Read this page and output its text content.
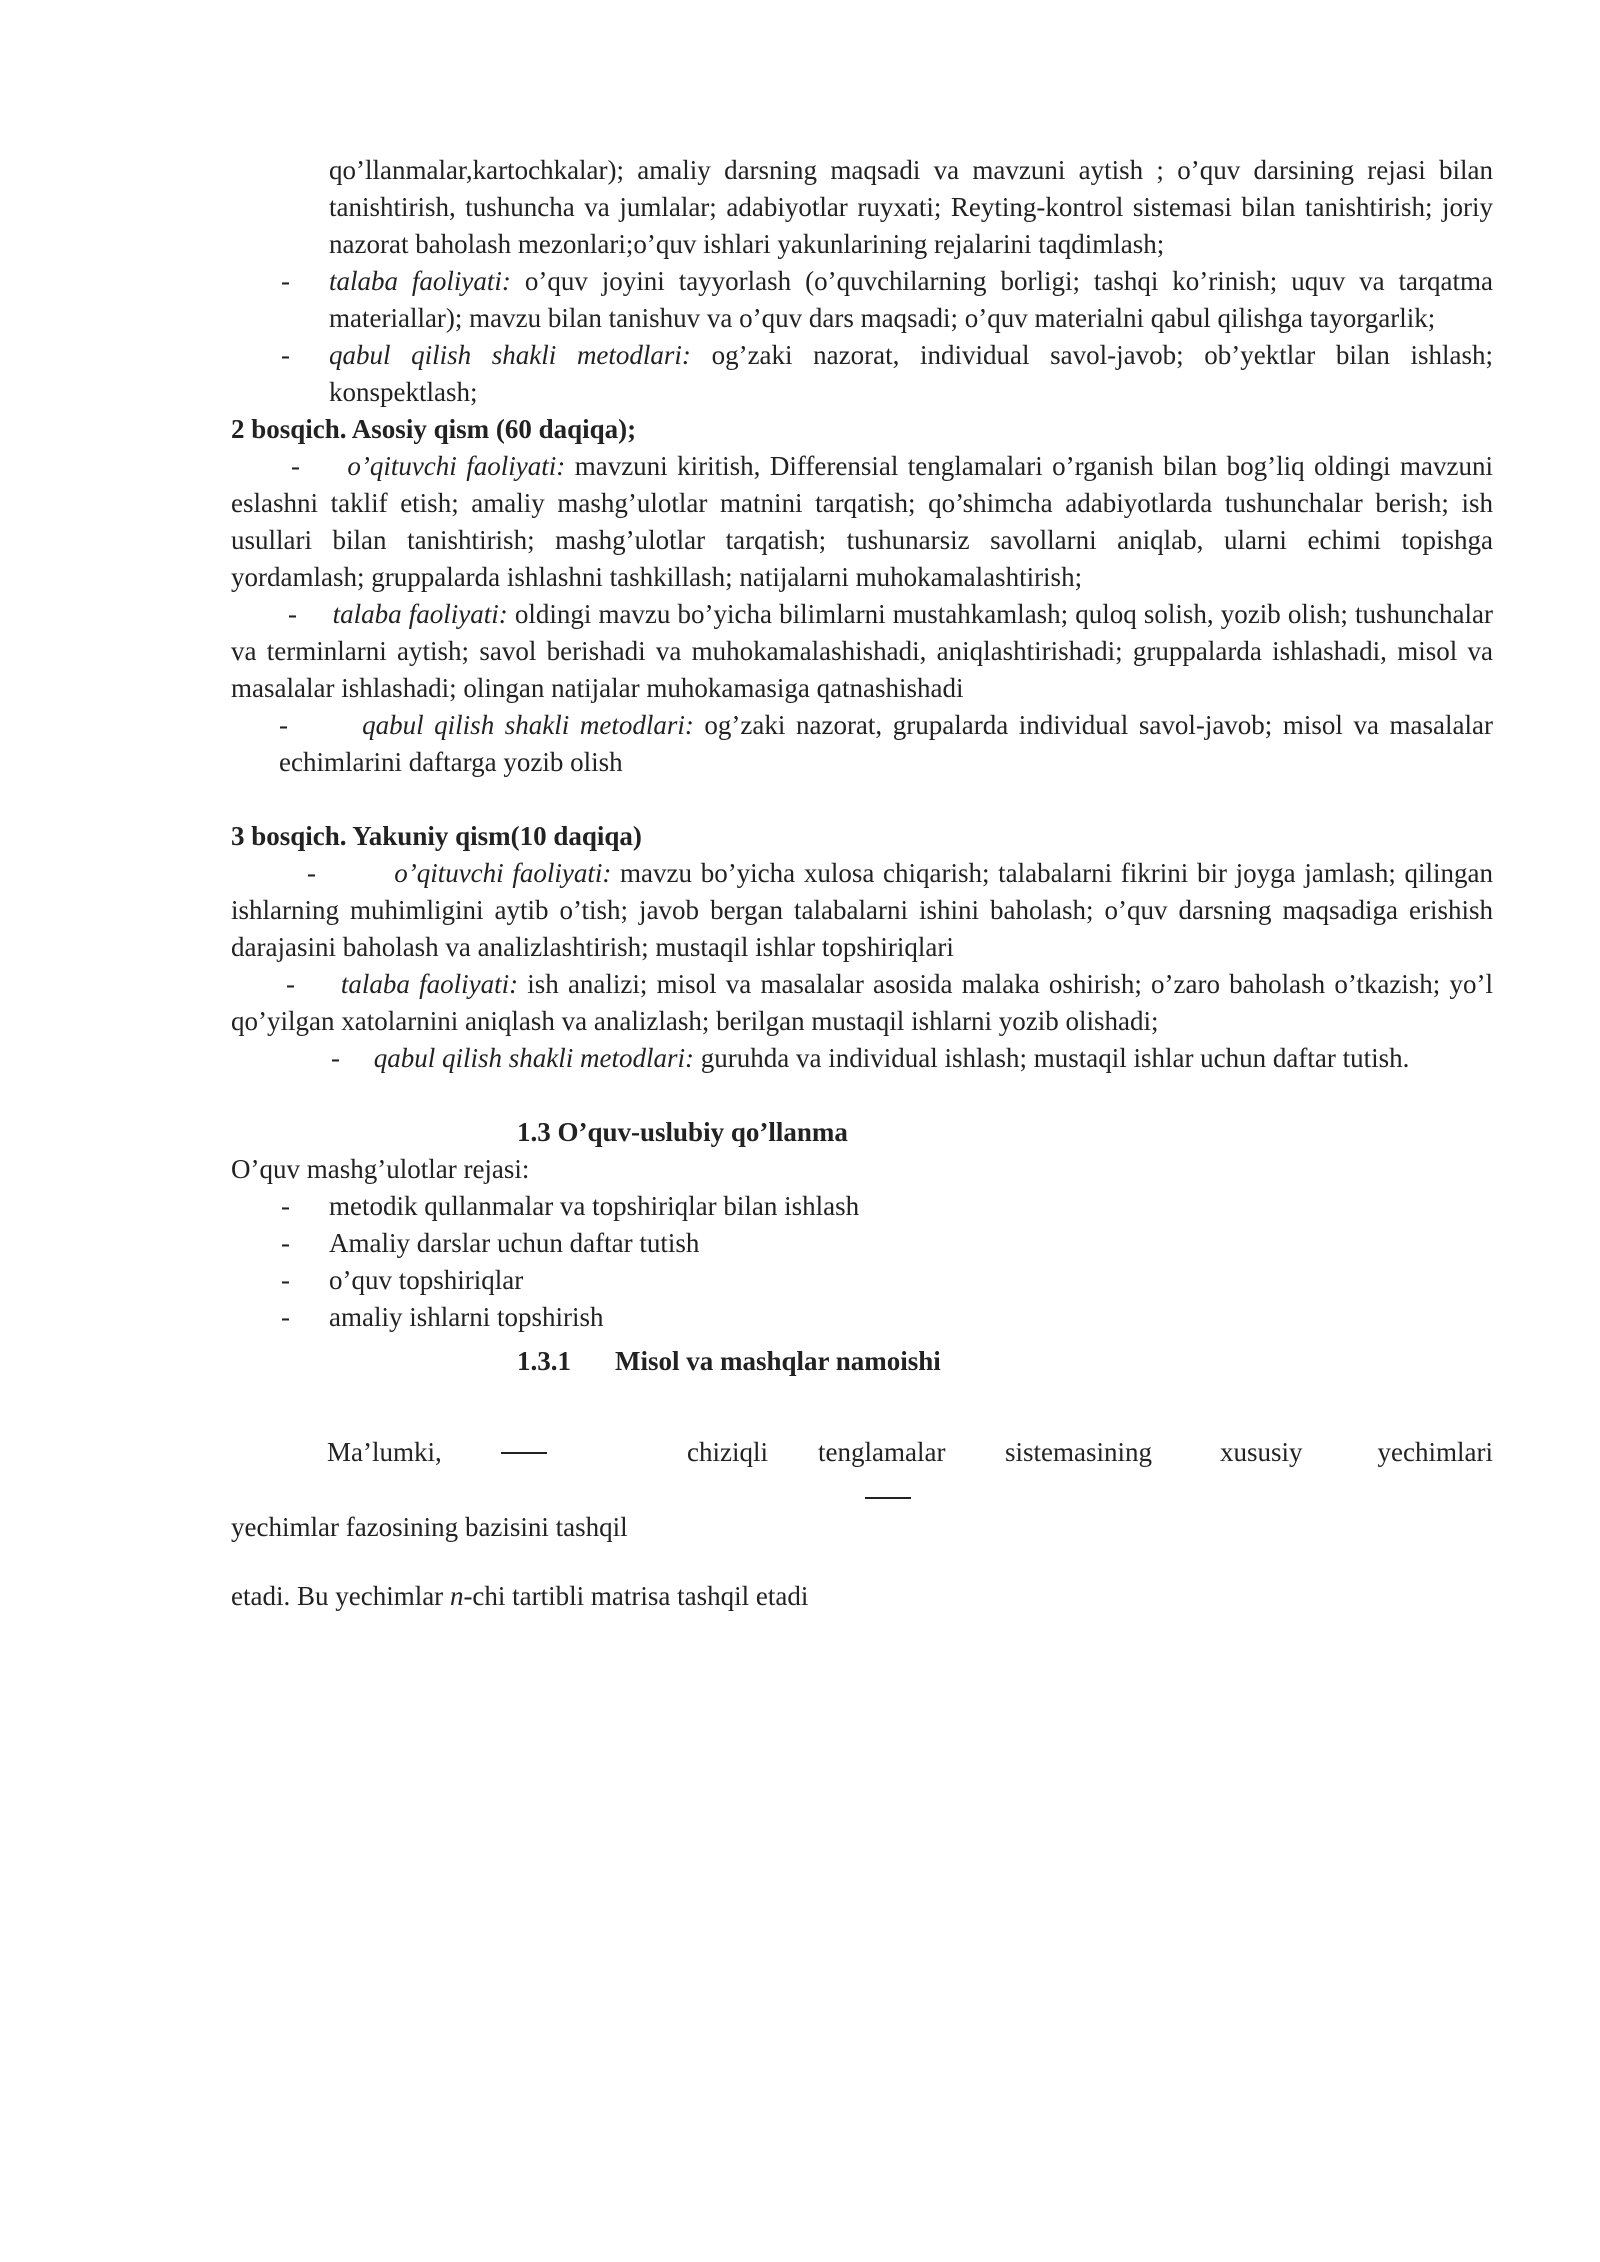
qo’llanmalar,kartochkalar); amaliy darsning maqsadi va mavzuni aytish ; o’quv darsining rejasi bilan tanishtirish, tushuncha va jumlalar; adabiyotlar ruyxati; Reyting-kontrol sistemasi bilan tanishtirish; joriy nazorat baholash mezonlari;o’quv ishlari yakunlarining rejalarini taqdimlash;
-	talaba faoliyati: o’quv joyini tayyorlash (o’quvchilarning borligi; tashqi ko’rinish; uquv va tarqatma materiallar); mavzu bilan tanishuv va o’quv dars maqsadi; o’quv materialni qabul qilishga tayorgarlik;
-	qabul qilish shakli metodlari: og’zaki nazorat, individual savol-javob; ob’yektlar bilan ishlash; konspektlash;

2 bosqich. Asosiy qism (60 daqiqa);

- o’qituvchi faoliyati: mavzuni kiritish, Differensial tenglamalari o’rganish bilan bog’liq oldingi mavzuni eslashni taklif etish; amaliy mashg’ulotlar matnini tarqatish; qo’shimcha adabiyotlarda tushunchalar berish; ish usullari bilan tanishtirish; mashg’ulotlar tarqatish; tushunarsiz savollarni aniqlab, ularni echimi topishga yordamlash; gruppalarda ishlashni tashkillash; natijalarni muhokamalashtirish;

- talaba faoliyati: oldingi mavzu bo’yicha bilimlarni mustahkamlash; quloq solish, yozib olish; tushunchalar va terminlarni aytish; savol berishadi va muhokamalashishadi, aniqlashtirishadi; gruppalarda ishlashadi, misol va masalalar ishlashadi; olingan natijalar muhokamasiga qatnashishadi

-	qabul qilish shakli metodlari: og’zaki nazorat, grupalarda individual savol-javob; misol va masalalar echimlarini daftarga yozib olish

3 bosqich. Yakuniy qism(10 daqiqa)

-	o’qituvchi faoliyati: mavzu bo’yicha xulosa chiqarish; talabalarni fikrini bir joyga jamlash; qilingan ishlarning muhimligini aytib o’tish; javob bergan talabalarni ishini baholash; o’quv darsning maqsadiga erishish darajasini baholash va analizlashtirish; mustaqil ishlar topshiriqlari

- talaba faoliyati: ish analizi; misol va masalalar asosida malaka oshirish; o’zaro baholash o’tkazish; yo’l qo’yilgan xatolarnini aniqlash va analizlash; berilgan mustaqil ishlarni yozib olishadi;

- qabul qilish shakli metodlari: guruhda va individual ishlash; mustaqil ishlar uchun daftar tutish.

1.3 O’quv-uslubiy qo’llanma

O’quv mashg’ulotlar rejasi:

-	metodik qullanmalar va topshiriqlar bilan ishlash
-	Amaliy darslar uchun daftar tutish
-	o’quv topshiriqlar
-	amaliy ishlarni topshirish

1.3.1 Misol va mashqlar namoishi

Ma’lumki,	chiziqli tenglamalar sistemasining	xususiy	yechimlari
yechimlar fazosining bazisini tashqil

etadi. Bu yechimlar n-chi tartibli matrisa tashqil etadi
